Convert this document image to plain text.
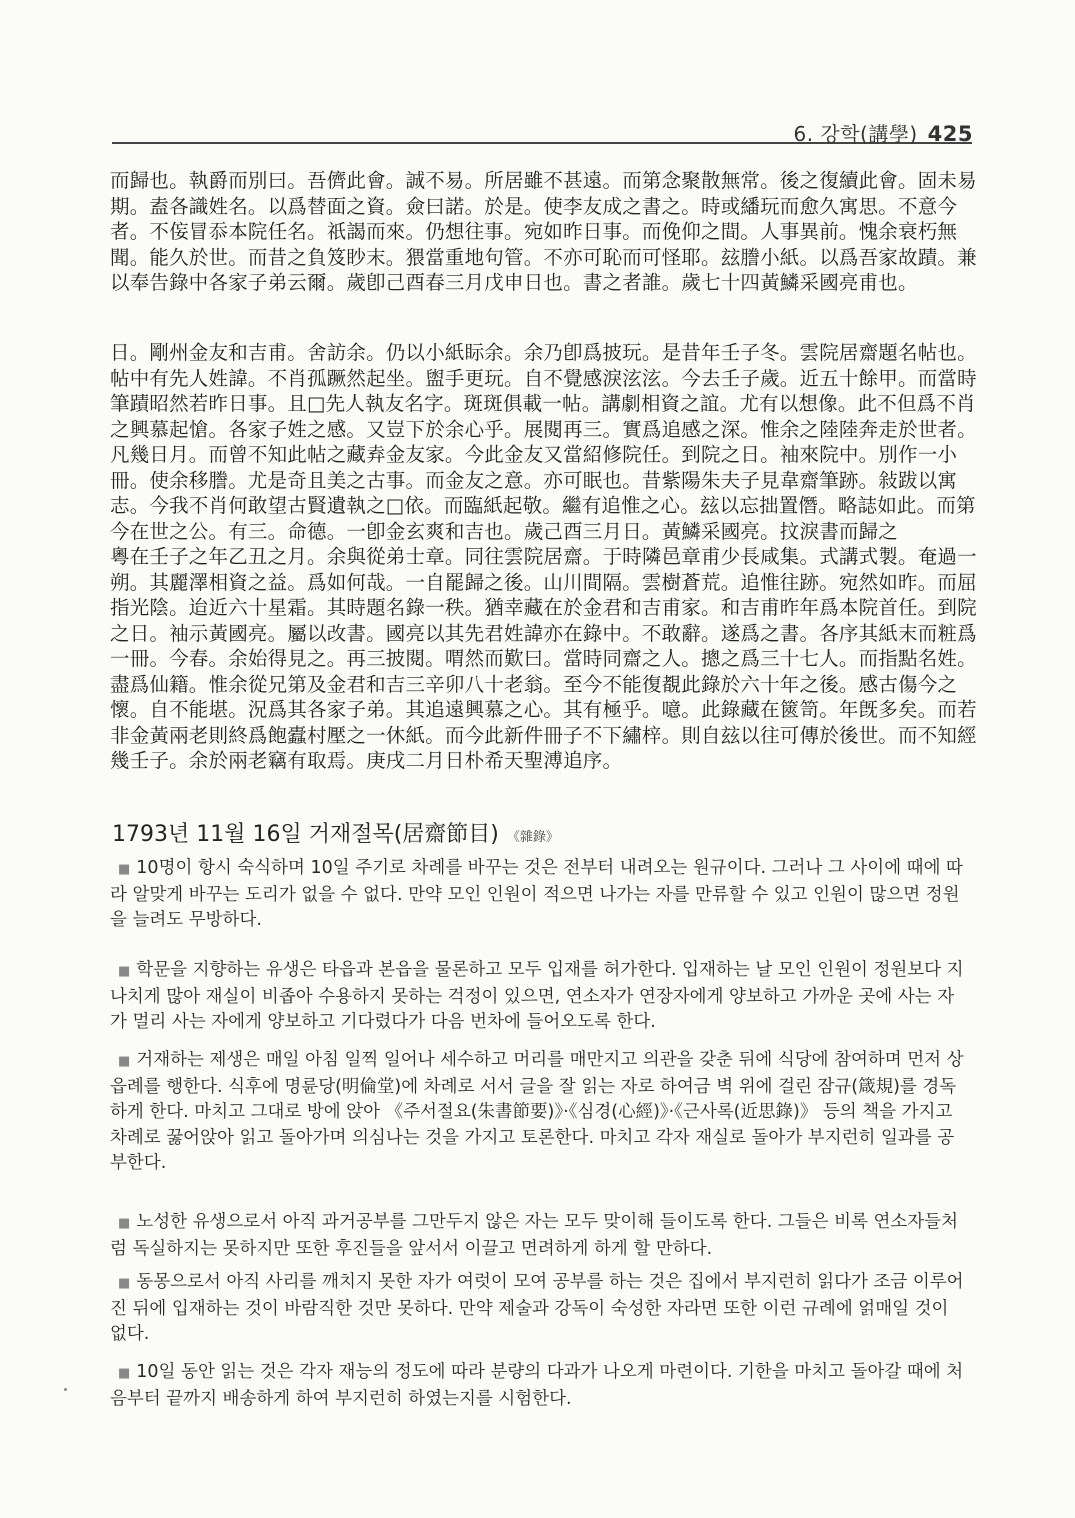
6. 강학(講學) 425

而歸也。執爵而別曰。吾儕此會。誠不易。所居雖不甚遠。而第念聚散無常。後之復續此會。固未易期。盍各識姓名。以爲替面之資。僉曰諾。於是。使李友成之書之。時或繙玩而愈久寓思。不意今者。不侫冒忝本院任名。祇謁而來。仍想往事。宛如昨日事。而俛仰之間。人事異前。愧余衰朽無聞。能久於世。而昔之負笈眇末。猥當重地句管。不亦可恥而可怪耶。玆謄小紙。以爲吾家故蹟。兼以奉告錄中各家子弟云爾。歲卽己酉春三月戊申日也。書之者誰。歲七十四黃鱗采國亮甫也。

日。剛州金友和吉甫。舍訪余。仍以小紙眎余。余乃卽爲披玩。是昔年壬子冬。雲院居齋題名帖也。帖中有先人姓諱。不肖孤蹶然起坐。盥手更玩。自不覺感淚泫泫。今去壬子歲。近五十餘甲。而當時筆蹟昭然若昨日事。且□先人執友名字。斑斑俱載一帖。講劇相資之誼。尤有以想像。此不但爲不肖之興慕起愴。各家子姓之感。又豈下於余心乎。展閱再三。實爲追感之深。惟余之陸陸奔走於世者。凡幾日月。而曾不知此帖之藏弆金友家。今此金友又當紹修院任。到院之日。袖來院中。別作一小冊。使余移謄。尤是奇且美之古事。而金友之意。亦可眠也。昔紫陽朱夫子見韋齋筆跡。敍跋以寓志。今我不肖何敢望古賢遺執之□依。而臨紙起敬。繼有追惟之心。玆以忘拙置僭。略誌如此。而第今在世之公。有三。命德。一卽金玄爽和吉也。歲己酉三月日。黃鱗采國亮。抆淚書而歸之
粵在壬子之年乙丑之月。余與從弟士章。同往雲院居齋。于時隣邑章甫少長咸集。式講式製。奄過一朔。其麗澤相資之益。爲如何哉。一自罷歸之後。山川間隔。雲樹蒼荒。追惟往跡。宛然如昨。而屈指光陰。迨近六十星霜。其時題名錄一秩。猶幸藏在於金君和吉甫家。和吉甫昨年爲本院首任。到院之日。袖示黃國亮。屬以改書。國亮以其先君姓諱亦在錄中。不敢辭。遂爲之書。各序其紙末而粧爲一冊。今春。余始得見之。再三披閱。喟然而歎曰。當時同齋之人。摠之爲三十七人。而指點名姓。盡爲仙籍。惟余從兄第及金君和吉三辛卯八十老翁。至今不能復覩此錄於六十年之後。感古傷今之懷。自不能堪。況爲其各家子弟。其追遠興慕之心。其有極乎。噫。此錄藏在篋笥。年旣多矣。而若非金黃兩老則終爲飽蠹村壓之一休紙。而今此新件冊子不下繡梓。則自玆以往可傳於後世。而不知經幾壬子。余於兩老竊有取焉。庚戌二月日朴希天聖溥追序。

1793년 11월 16일 거재절목(居齋節目) 《雜錄》

■ 10명이 항시 숙식하며 10일 주기로 차례를 바꾸는 것은 전부터 내려오는 원규이다. 그러나 그 사이에 때에 따라 알맞게 바꾸는 도리가 없을 수 없다. 만약 모인 인원이 적으면 나가는 자를 만류할 수 있고 인원이 많으면 정원을 늘려도 무방하다.

■ 학문을 지향하는 유생은 타읍과 본읍을 물론하고 모두 입재를 허가한다. 입재하는 날 모인 인원이 정원보다 지나치게 많아 재실이 비좁아 수용하지 못하는 걱정이 있으면, 연소자가 연장자에게 양보하고 가까운 곳에 사는 자가 멀리 사는 자에게 양보하고 기다렸다가 다음 번차에 들어오도록 한다.

■ 거재하는 제생은 매일 아침 일찍 일어나 세수하고 머리를 매만지고 의관을 갖춘 뒤에 식당에 참여하며 먼저 상읍례를 행한다. 식후에 명륜당(明倫堂)에 차례로 서서 글을 잘 읽는 자로 하여금 벽 위에 걸린 잠규(箴規)를 경독하게 한다. 마치고 그대로 방에 앉아 《주서절요(朱書節要)》·《심경(心經)》·《근사록(近思錄)》 등의 책을 가지고 차례로 꿇어앉아 읽고 돌아가며 의심나는 것을 가지고 토론한다. 마치고 각자 재실로 돌아가 부지런히 일과를 공부한다.

■ 노성한 유생으로서 아직 과거공부를 그만두지 않은 자는 모두 맞이해 들이도록 한다. 그들은 비록 연소자들처럼 독실하지는 못하지만 또한 후진들을 앞서서 이끌고 면려하게 하게 할 만하다.

■ 동몽으로서 아직 사리를 깨치지 못한 자가 여럿이 모여 공부를 하는 것은 집에서 부지런히 읽다가 조금 이루어진 뒤에 입재하는 것이 바람직한 것만 못하다. 만약 제술과 강독이 숙성한 자라면 또한 이런 규례에 얽매일 것이 없다.

■ 10일 동안 읽는 것은 각자 재능의 정도에 따라 분량의 다과가 나오게 마련이다. 기한을 마치고 돌아갈 때에 처음부터 끝까지 배송하게 하여 부지런히 하였는지를 시험한다.
